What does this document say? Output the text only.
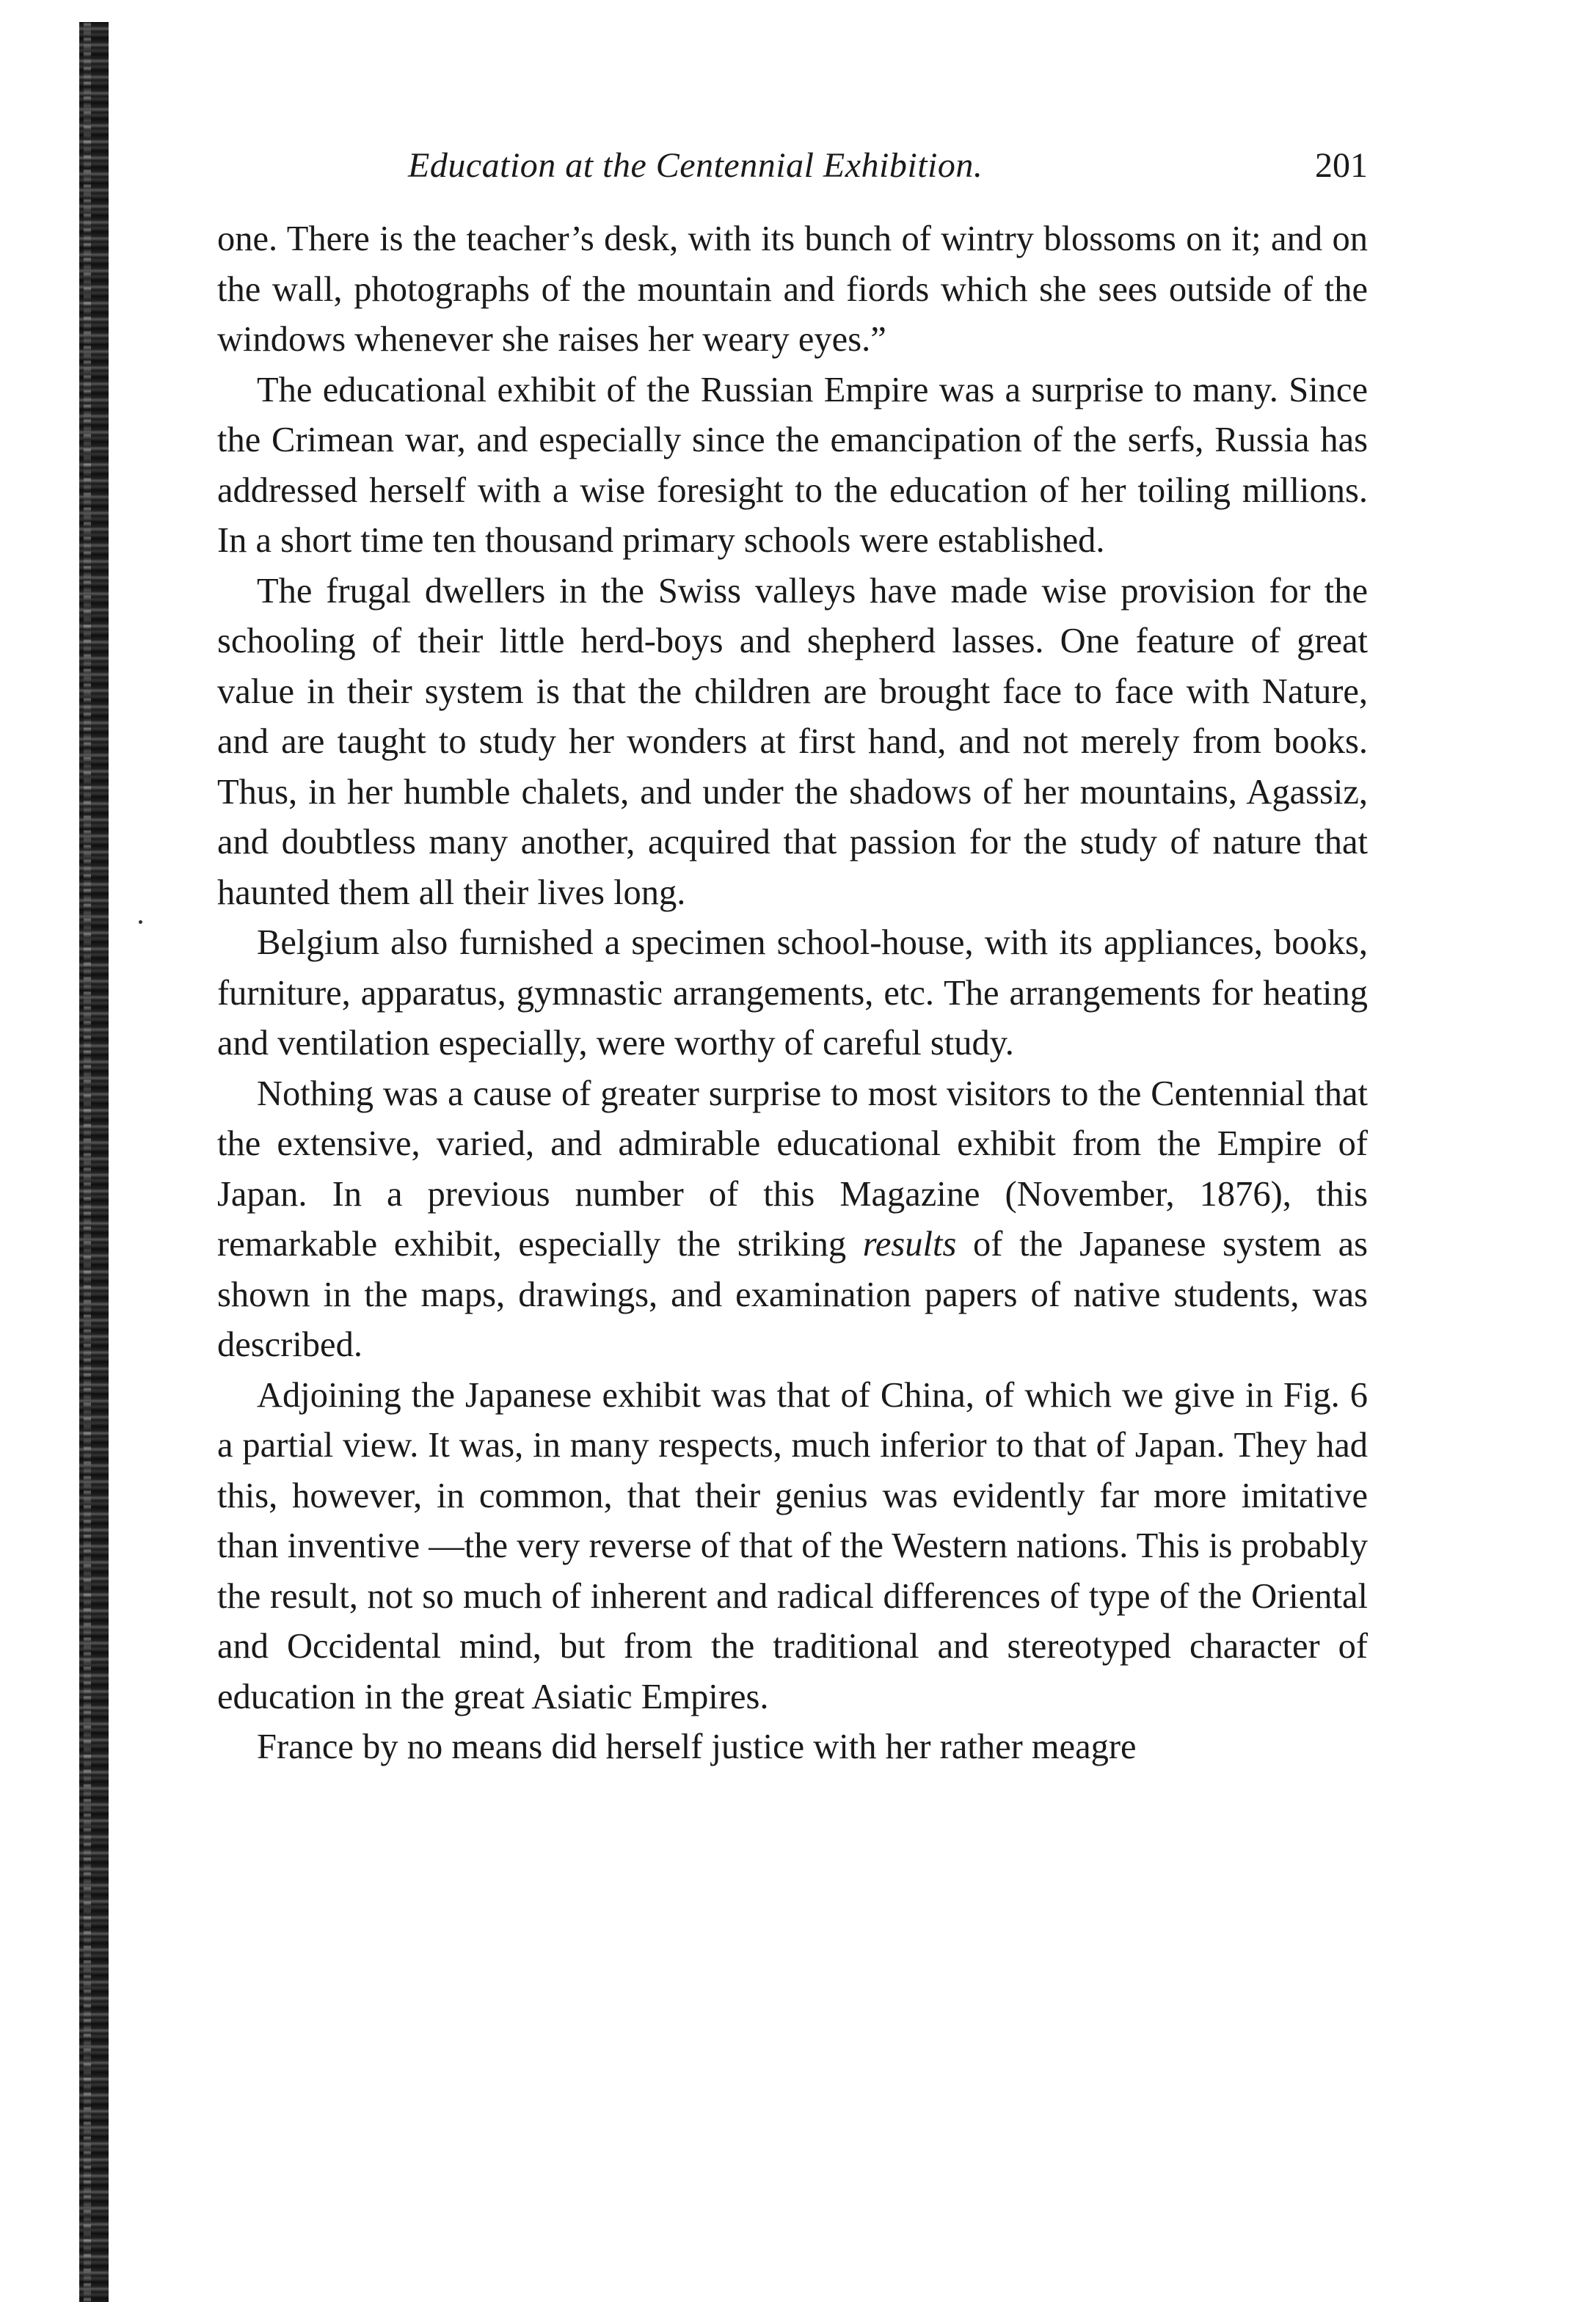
Education at the Centennial Exhibition.	201

one. There is the teacher’s desk, with its bunch of wintry blossoms on it; and on the wall, photographs of the mountain and fiords which she sees outside of the windows whenever she raises her weary eyes.”

The educational exhibit of the Russian Empire was a surprise to many. Since the Crimean war, and especially since the emancipation of the serfs, Russia has addressed herself with a wise foresight to the education of her toiling millions. In a short time ten thousand primary schools were established.

The frugal dwellers in the Swiss valleys have made wise provision for the schooling of their little herd-boys and shepherd lasses. One feature of great value in their system is that the children are brought face to face with Nature, and are taught to study her wonders at first hand, and not merely from books. Thus, in her humble chalets, and under the shadows of her mountains, Agassiz, and doubtless many another, acquired that passion for the study of nature that haunted them all their lives long.

Belgium also furnished a specimen school-house, with its appliances, books, furniture, apparatus, gymnastic arrangements, etc. The arrangements for heating and ventilation especially, were worthy of careful study.

Nothing was a cause of greater surprise to most visitors to the Centennial that the extensive, varied, and admirable educational exhibit from the Empire of Japan. In a previous number of this Magazine (November, 1876), this remarkable exhibit, especially the striking results of the Japanese system as shown in the maps, drawings, and examination papers of native students, was described.

Adjoining the Japanese exhibit was that of China, of which we give in Fig. 6 a partial view. It was, in many respects, much inferior to that of Japan. They had this, however, in common, that their genius was evidently far more imitative than inventive —the very reverse of that of the Western nations. This is probably the result, not so much of inherent and radical differences of type of the Oriental and Occidental mind, but from the traditional and stereotyped character of education in the great Asiatic Empires.

France by no means did herself justice with her rather meagre
